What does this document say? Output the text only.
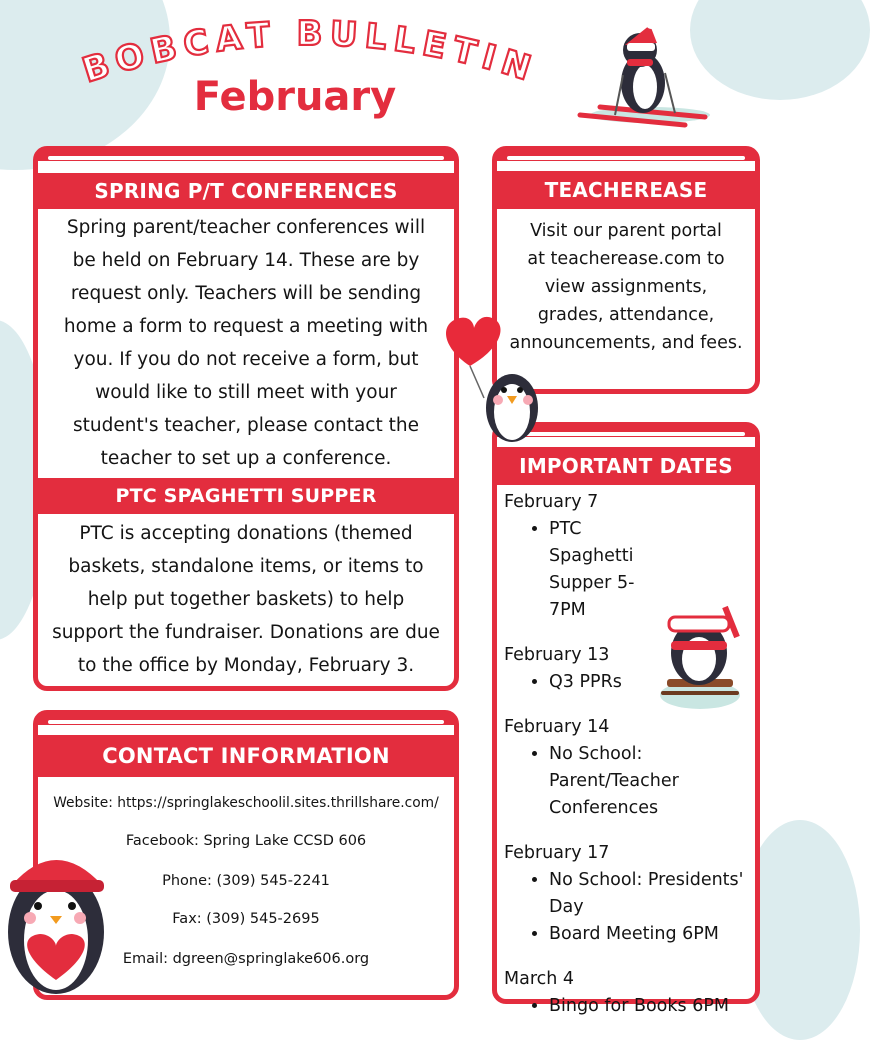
BOBCAT BULLETIN
February
SPRING P/T CONFERENCES
Spring parent/teacher conferences will
be held on February 14. These are by
request only. Teachers will be sending
home a form to request a meeting with
you. If you do not receive a form, but
would like to still meet with your
student's teacher, please contact the
teacher to set up a conference.
PTC SPAGHETTI SUPPER
PTC is accepting donations (themed
baskets, standalone items, or items to
help put together baskets) to help
support the fundraiser. Donations are due
to the office by Monday, February 3.
CONTACT INFORMATION
Website: https://springlakeschoolil.sites.thrillshare.com/
Facebook: Spring Lake CCSD 606
Phone: (309) 545-2241
Fax: (309) 545-2695
Email: dgreen@springlake606.org
TEACHEREASE
Visit our parent portal
at teacherease.com to
view assignments,
grades, attendance,
announcements, and fees.
IMPORTANT DATES
February 7
• PTC Spaghetti Supper 5-7PM
February 13
• Q3 PPRs
February 14
• No School: Parent/Teacher Conferences
February 17
• No School: Presidents' Day
• Board Meeting 6PM
March 4
• Bingo for Books 6PM
